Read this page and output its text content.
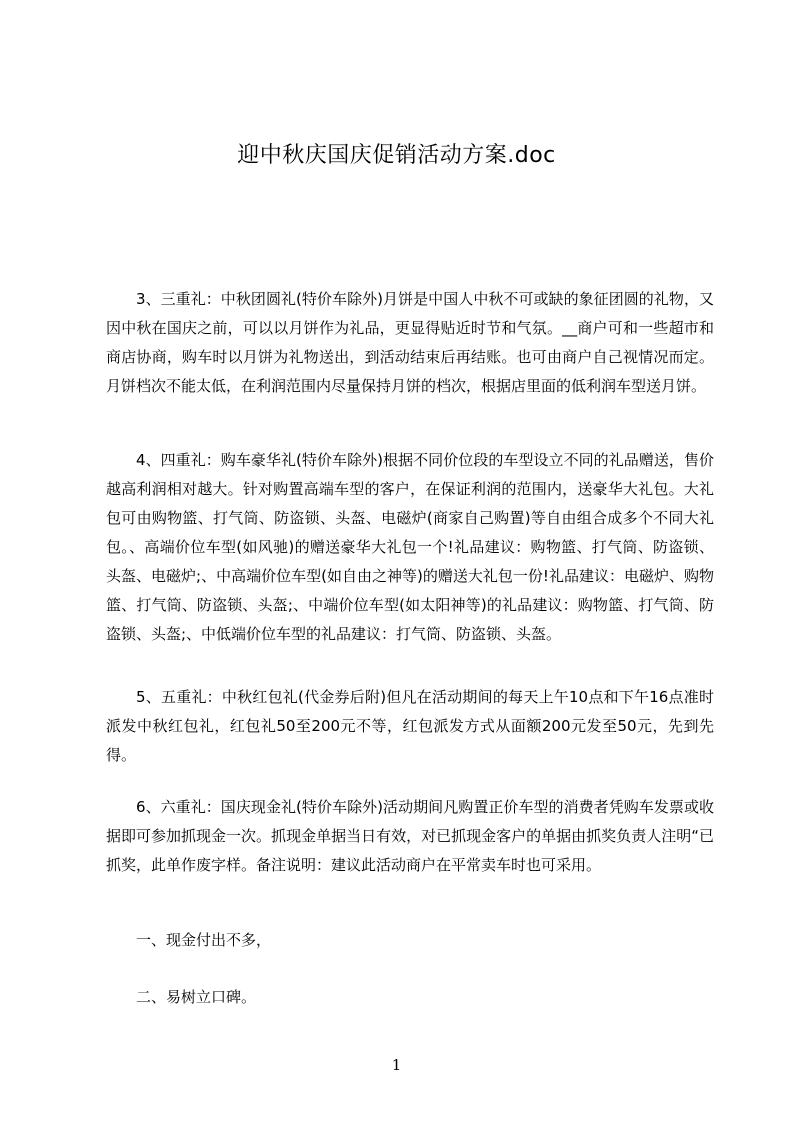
迎中秋庆国庆促销活动方案.doc
3、三重礼：中秋团圆礼(特价车除外)月饼是中国人中秋不可或缺的象征团圆的礼物，又因中秋在国庆之前，可以以月饼作为礼品，更显得贴近时节和气氛。__商户可和一些超市和商店协商，购车时以月饼为礼物送出，到活动结束后再结账。也可由商户自己视情况而定。月饼档次不能太低，在利润范围内尽量保持月饼的档次，根据店里面的低利润车型送月饼。
4、四重礼：购车豪华礼(特价车除外)根据不同价位段的车型设立不同的礼品赠送，售价越高利润相对越大。针对购置高端车型的客户，在保证利润的范围内，送豪华大礼包。大礼包可由购物篮、打气筒、防盗锁、头盔、电磁炉(商家自己购置)等自由组合成多个不同大礼包。、高端价位车型(如风驰)的赠送豪华大礼包一个!礼品建议：购物篮、打气筒、防盗锁、头盔、电磁炉;、中高端价位车型(如自由之神等)的赠送大礼包一份!礼品建议：电磁炉、购物篮、打气筒、防盗锁、头盔;、中端价位车型(如太阳神等)的礼品建议：购物篮、打气筒、防盗锁、头盔;、中低端价位车型的礼品建议：打气筒、防盗锁、头盔。
5、五重礼：中秋红包礼(代金券后附)但凡在活动期间的每天上午10点和下午16点准时派发中秋红包礼，红包礼50至200元不等，红包派发方式从面额200元发至50元，先到先得。
6、六重礼：国庆现金礼(特价车除外)活动期间凡购置正价车型的消费者凭购车发票或收据即可参加抓现金一次。抓现金单据当日有效，对已抓现金客户的单据由抓奖负责人注明“已抓奖，此单作废字样。备注说明：建议此活动商户在平常卖车时也可采用。
一、现金付出不多，
二、易树立口碑。
1
